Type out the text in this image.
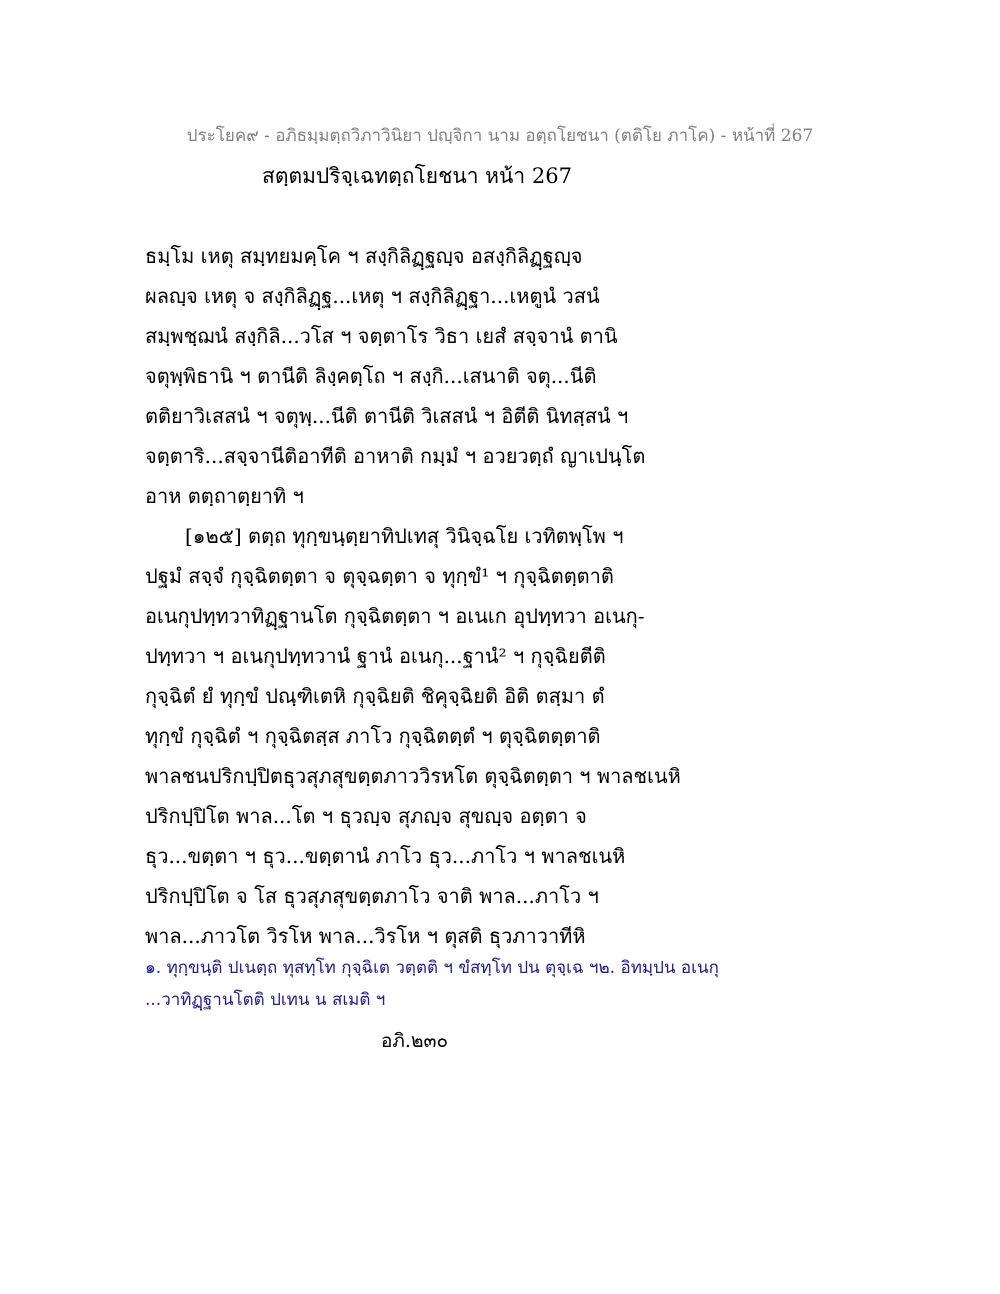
ประโยค๙ - อภิธมฺมตฺถวิภาวินิยา ปญฺจิกา นาม อตฺถโยชนา (ตติโย ภาโค) - หน้าที่ 267
สตฺตมปริจฺเฉทตฺถโยชนา หน้า 267
ธมฺโม เหตุ สมฺทยมคฺโค ฯ สงฺกิลิฏฺฐญฺจ อสงฺกิลิฏฺฐญฺจ
ผลญฺจ เหตุ จ สงฺกิลิฏฺฐ...เหตุ ฯ สงฺกิลิฏฺฐา...เหตูนํ วสนํ
สมฺพชฺฌนํ สงฺกิลิ...วโส ฯ จตฺตาโร วิธา เยสํ สจฺจานํ ตานิ
จตุพฺพิธานิ ฯ ตานีติ ลิงฺคตฺโถ ฯ สงฺกิ...เสนาติ จตุ...นีติ
ตติยาวิเสสนํ ฯ จตุพฺ...นีติ ตานีติ วิเสสนํ ฯ อิตีติ นิทสฺสนํ ฯ
จตฺตาริ...สจฺจานีติอาทีติ อาหาติ กมฺมํ ฯ อวยวตฺถํ ญาเปนฺโต
อาห ตตฺถาตฺยาทิ ฯ
[๑๒๕] ตตฺถ ทุกฺขนฺตฺยาทิปเทสุ วินิจฺฉโย เวทิตพฺโพ ฯ
ปฐมํ สจฺจํ กุจฺฉิตตฺตา จ ตุจฺฉตฺตา จ ทุกฺขํ¹ ฯ กุจฺฉิตตฺตาติ
อเนกุปทฺทวาทิฏฺฐานโต กุจฺฉิตตฺตา ฯ อเนเก อุปทฺทวา อเนกุ-
ปทฺทวา ฯ อเนกุปทฺทวานํ ฐานํ อเนกุ...ฐานํ² ฯ กุจฺฉิยตีติ
กุจฺฉิตํ ยํ ทุกฺขํ ปณฺฑิเตหิ กุจฺฉิยติ ชิคุจฺฉิยติ อิติ ตสฺมา ตํ
ทุกฺขํ กุจฺฉิตํ ฯ กุจฺฉิตสฺส ภาโว กุจฺฉิตตฺตํ ฯ ตุจฺฉิตตฺตาติ
พาลชนปริกปฺปิตธุวสุภสุขตฺตภาววิรหโต ตุจฺฉิตตฺตา ฯ พาลชเนหิ
ปริกปฺปิโต พาล...โต ฯ ธุวญฺจ สุภญฺจ สุขญฺจ อตฺตา จ
ธุว...ขตฺตา ฯ ธุว...ขตฺตานํ ภาโว ธุว...ภาโว ฯ พาลชเนหิ
ปริกปฺปิโต จ โส ธุวสุภสุขตฺตภาโว จาติ พาล...ภาโว ฯ
พาล...ภาวโต วิรโห พาล...วิรโห ฯ ตุสติ ธุวภาวาทีหิ
๑. ทุกฺขนฺติ ปเนตฺถ ทุสทฺโท กุจฺฉิเต วตฺตติ ฯ ขํสทฺโท ปน ตุจฺเฉ ฯ๒. อิทมฺปน อเนกุ
...วาทิฏฺฐานโตติ ปเทน น สเมติ ฯ
อภิ.๒๓๐
